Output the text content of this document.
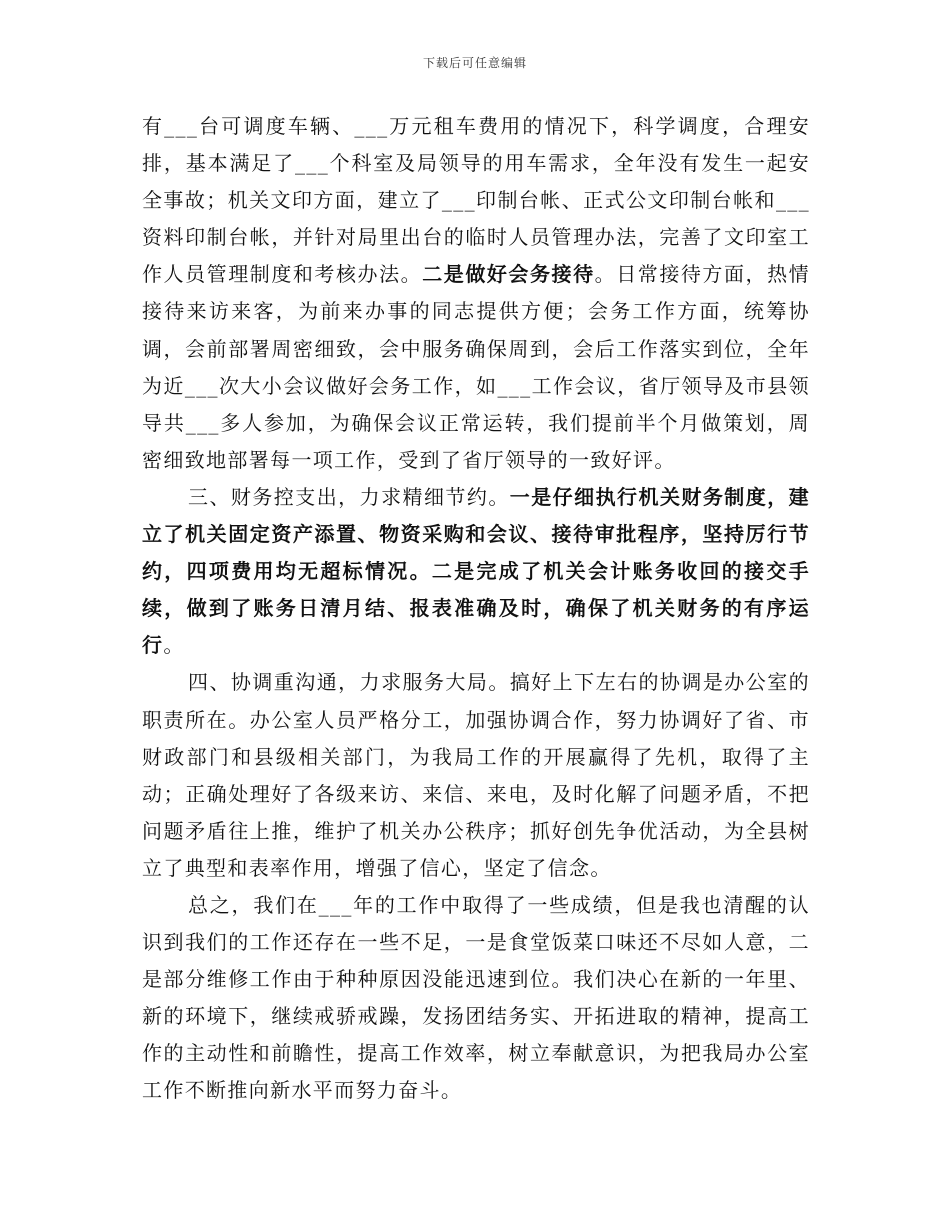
下载后可任意编辑

有___台可调度车辆、___万元租车费用的情况下，科学调度，合理安排，基本满足了___个科室及局领导的用车需求，全年没有发生一起安全事故；机关文印方面，建立了___印制台帐、正式公文印制台帐和___资料印制台帐，并针对局里出台的临时人员管理办法，完善了文印室工作人员管理制度和考核办法。二是做好会务接待。日常接待方面，热情接待来访来客，为前来办事的同志提供方便；会务工作方面，统筹协调，会前部署周密细致，会中服务确保周到，会后工作落实到位，全年为近___次大小会议做好会务工作，如___工作会议，省厅领导及市县领导共___多人参加，为确保会议正常运转，我们提前半个月做策划，周密细致地部署每一项工作，受到了省厅领导的一致好评。

三、财务控支出，力求精细节约。一是仔细执行机关财务制度，建立了机关固定资产添置、物资采购和会议、接待审批程序，坚持厉行节约，四项费用均无超标情况。二是完成了机关会计账务收回的接交手续，做到了账务日清月结、报表准确及时，确保了机关财务的有序运行。

四、协调重沟通，力求服务大局。搞好上下左右的协调是办公室的职责所在。办公室人员严格分工，加强协调合作，努力协调好了省、市财政部门和县级相关部门，为我局工作的开展赢得了先机，取得了主动；正确处理好了各级来访、来信、来电，及时化解了问题矛盾，不把问题矛盾往上推，维护了机关办公秩序；抓好创先争优活动，为全县树立了典型和表率作用，增强了信心，坚定了信念。

总之，我们在___年的工作中取得了一些成绩，但是我也清醒的认识到我们的工作还存在一些不足，一是食堂饭菜口味还不尽如人意，二是部分维修工作由于种种原因没能迅速到位。我们决心在新的一年里、新的环境下，继续戒骄戒躁，发扬团结务实、开拓进取的精神，提高工作的主动性和前瞻性，提高工作效率，树立奉献意识，为把我局办公室工作不断推向新水平而努力奋斗。
